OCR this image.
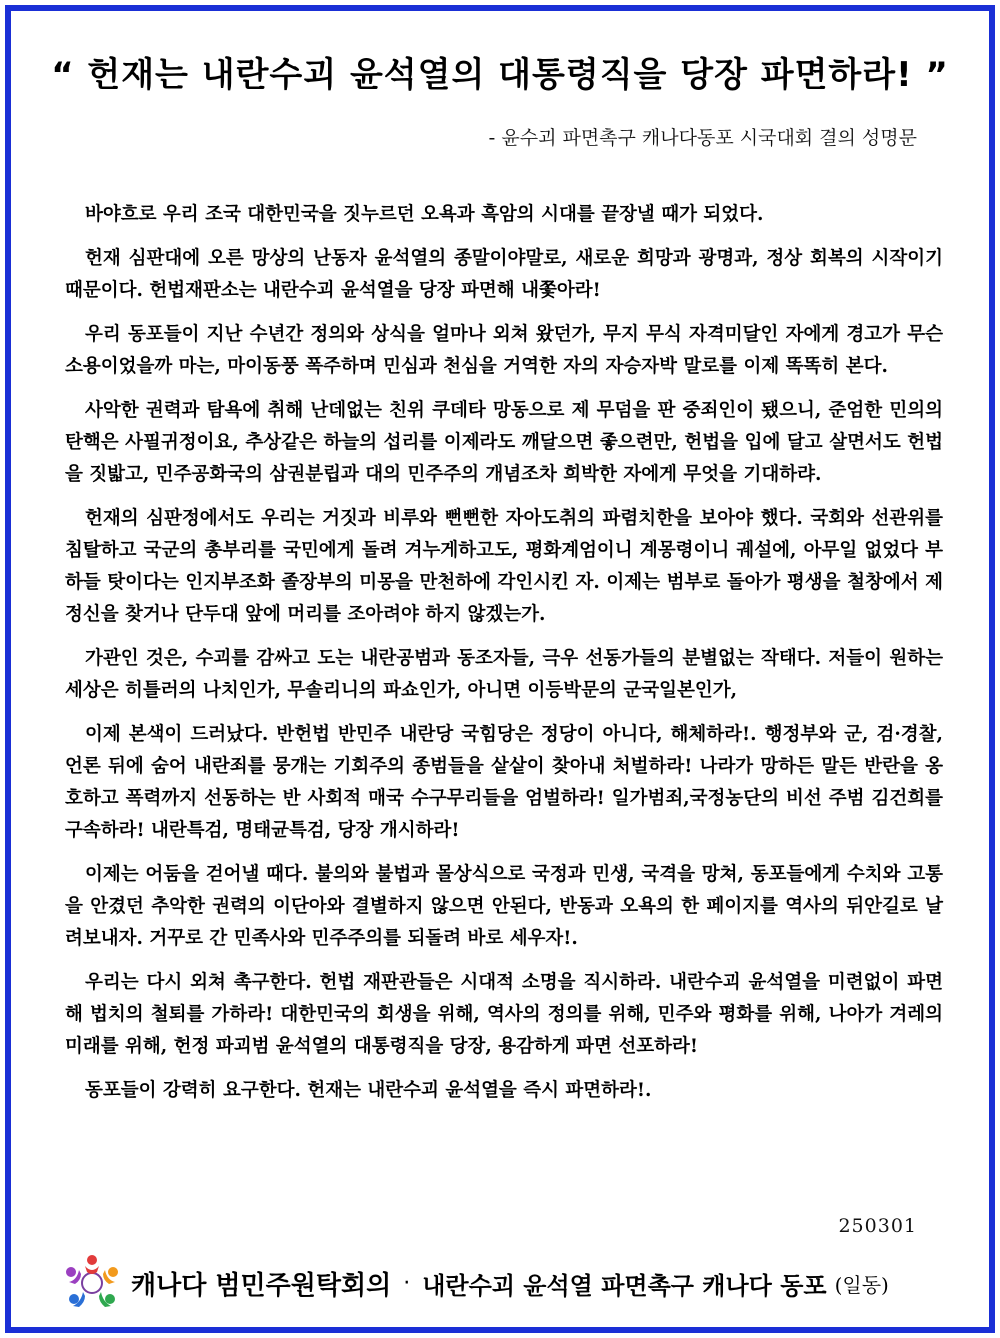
“ 헌재는 내란수괴 윤석열의 대통령직을 당장 파면하라! ”
- 윤수괴 파면촉구 캐나다동포 시국대회 결의 성명문

바야흐로 우리 조국 대한민국을 짓누르던 오욕과 흑암의 시대를 끝장낼 때가 되었다.

헌재 심판대에 오른 망상의 난동자 윤석열의 종말이야말로, 새로운 희망과 광명과, 정상 회복의 시작이기 때문이다. 헌법재판소는 내란수괴 윤석열을 당장 파면해 내쫓아라!

우리 동포들이 지난 수년간 정의와 상식을 얼마나 외쳐 왔던가, 무지 무식 자격미달인 자에게 경고가 무슨 소용이었을까 마는, 마이동풍 폭주하며 민심과 천심을 거역한 자의 자승자박 말로를 이제 똑똑히 본다.

사악한 권력과 탐욕에 취해 난데없는 친위 쿠데타 망동으로 제 무덤을 판 중죄인이 됐으니, 준엄한 민의의 탄핵은 사필귀정이요, 추상같은 하늘의 섭리를 이제라도 깨달으면 좋으련만, 헌법을 입에 달고 살면서도 헌법을 짓밟고, 민주공화국의 삼권분립과 대의 민주주의 개념조차 희박한 자에게 무엇을 기대하랴.

헌재의 심판정에서도 우리는 거짓과 비루와 뻔뻔한 자아도취의 파렴치한을 보아야 했다. 국회와 선관위를 침탈하고 국군의 총부리를 국민에게 돌려 겨누게하고도, 평화계엄이니 계몽령이니 궤설에, 아무일 없었다 부하들 탓이다는 인지부조화 졸장부의 미몽을 만천하에 각인시킨 자. 이제는 범부로 돌아가 평생을 철창에서 제정신을 찾거나 단두대 앞에 머리를 조아려야 하지 않겠는가.

가관인 것은, 수괴를 감싸고 도는 내란공범과 동조자들, 극우 선동가들의 분별없는 작태다. 저들이 원하는 세상은 히틀러의 나치인가, 무솔리니의 파쇼인가, 아니면 이등박문의 군국일본인가,

이제 본색이 드러났다. 반헌법 반민주 내란당 국힘당은 정당이 아니다, 해체하라!. 행정부와 군, 검·경찰, 언론 뒤에 숨어 내란죄를 뭉개는 기회주의 종범들을 샅샅이 찾아내 처벌하라! 나라가 망하든 말든 반란을 옹호하고 폭력까지 선동하는 반 사회적 매국 수구무리들을 엄벌하라! 일가범죄,국정농단의 비선 주범 김건희를 구속하라! 내란특검, 명태균특검, 당장 개시하라!

이제는 어둠을 걷어낼 때다. 불의와 불법과 몰상식으로 국정과 민생, 국격을 망쳐, 동포들에게 수치와 고통을 안겼던 추악한 권력의 이단아와 결별하지 않으면 안된다, 반동과 오욕의 한 페이지를 역사의 뒤안길로 날려보내자. 거꾸로 간 민족사와 민주주의를 되돌려 바로 세우자!.

우리는 다시 외쳐 촉구한다. 헌법 재판관들은 시대적 소명을 직시하라. 내란수괴 윤석열을 미련없이 파면해 법치의 철퇴를 가하라! 대한민국의 회생을 위해, 역사의 정의를 위해, 민주와 평화를 위해, 나아가 겨레의 미래를 위해, 헌정 파괴범 윤석열의 대통령직을 당장, 용감하게 파면 선포하라!

동포들이 강력히 요구한다. 헌재는 내란수괴 윤석열을 즉시 파면하라!.

250301
캐나다 범민주원탁회의 · 내란수괴 윤석열 파면촉구 캐나다 동포 (일동)
